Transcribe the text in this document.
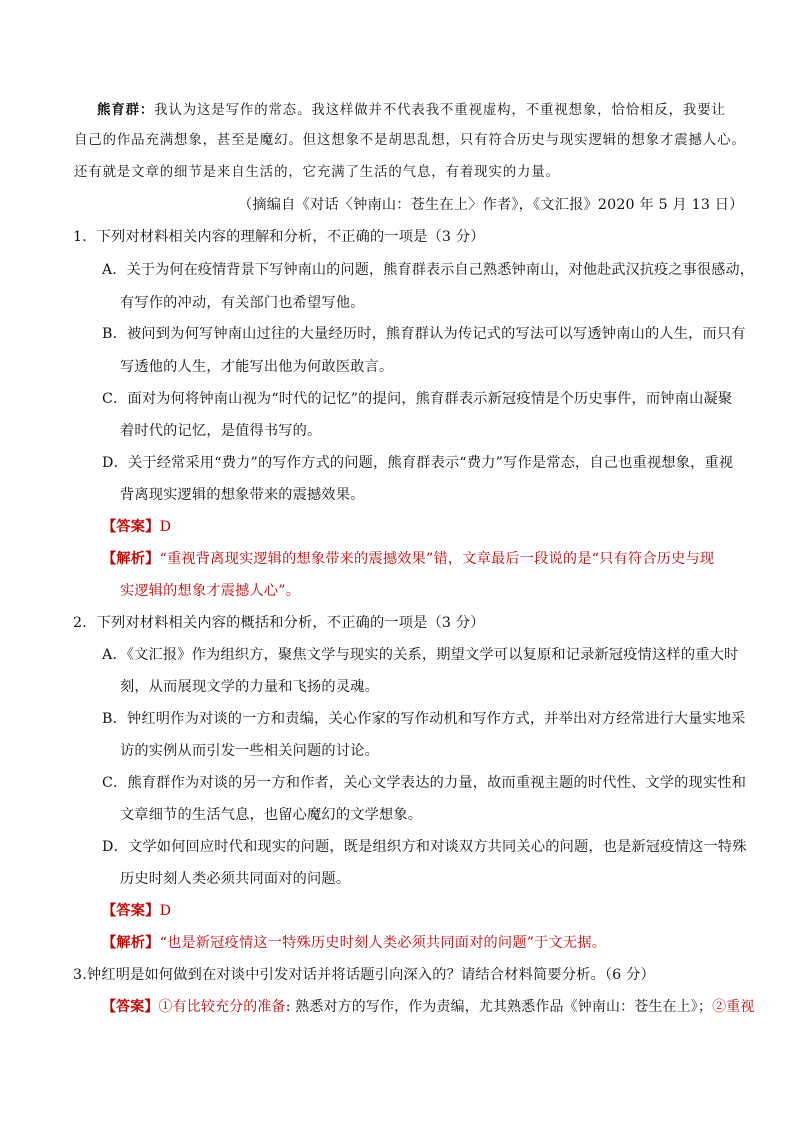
熊育群：我认为这是写作的常态。我这样做并不代表我不重视虚构，不重视想象，恰恰相反，我要让
自己的作品充满想象，甚至是魔幻。但这想象不是胡思乱想，只有符合历史与现实逻辑的想象才震撼人心。
还有就是文章的细节是来自生活的，它充满了生活的气息，有着现实的力量。
（摘编自《对话〈钟南山：苍生在上〉作者》，《文汇报》2020 年 5 月 13 日）
1．下列对材料相关内容的理解和分析，不正确的一项是（3 分）
A．关于为何在疫情背景下写钟南山的问题，熊育群表示自己熟悉钟南山，对他赴武汉抗疫之事很感动，
有写作的冲动，有关部门也希望写他。
B．被问到为何写钟南山过往的大量经历时，熊育群认为传记式的写法可以写透钟南山的人生，而只有
写透他的人生，才能写出他为何敢医敢言。
C．面对为何将钟南山视为“时代的记忆”的提问，熊育群表示新冠疫情是个历史事件，而钟南山凝聚
着时代的记忆，是值得书写的。
D．关于经常采用“费力”的写作方式的问题，熊育群表示“费力”写作是常态，自己也重视想象，重视
背离现实逻辑的想象带来的震撼效果。
【答案】D
【解析】“重视背离现实逻辑的想象带来的震撼效果”错，文章最后一段说的是“只有符合历史与现
实逻辑的想象才震撼人心”。
2．下列对材料相关内容的概括和分析，不正确的一项是（3 分）
A．《文汇报》作为组织方，聚焦文学与现实的关系，期望文学可以复原和记录新冠疫情这样的重大时
刻，从而展现文学的力量和飞扬的灵魂。
B．钟红明作为对谈的一方和责编，关心作家的写作动机和写作方式，并举出对方经常进行大量实地采
访的实例从而引发一些相关问题的讨论。
C．熊育群作为对谈的另一方和作者，关心文学表达的力量，故而重视主题的时代性、文学的现实性和
文章细节的生活气息，也留心魔幻的文学想象。
D．文学如何回应时代和现实的问题，既是组织方和对谈双方共同关心的问题，也是新冠疫情这一特殊
历史时刻人类必须共同面对的问题。
【答案】D
【解析】“也是新冠疫情这一特殊历史时刻人类必须共同面对的问题”于文无据。
3.钟红明是如何做到在对谈中引发对话并将话题引向深入的？请结合材料简要分析。（6 分）
【答案】①有比较充分的准备: 熟悉对方的写作，作为责编，尤其熟悉作品《钟南山：苍生在上》；②重视
